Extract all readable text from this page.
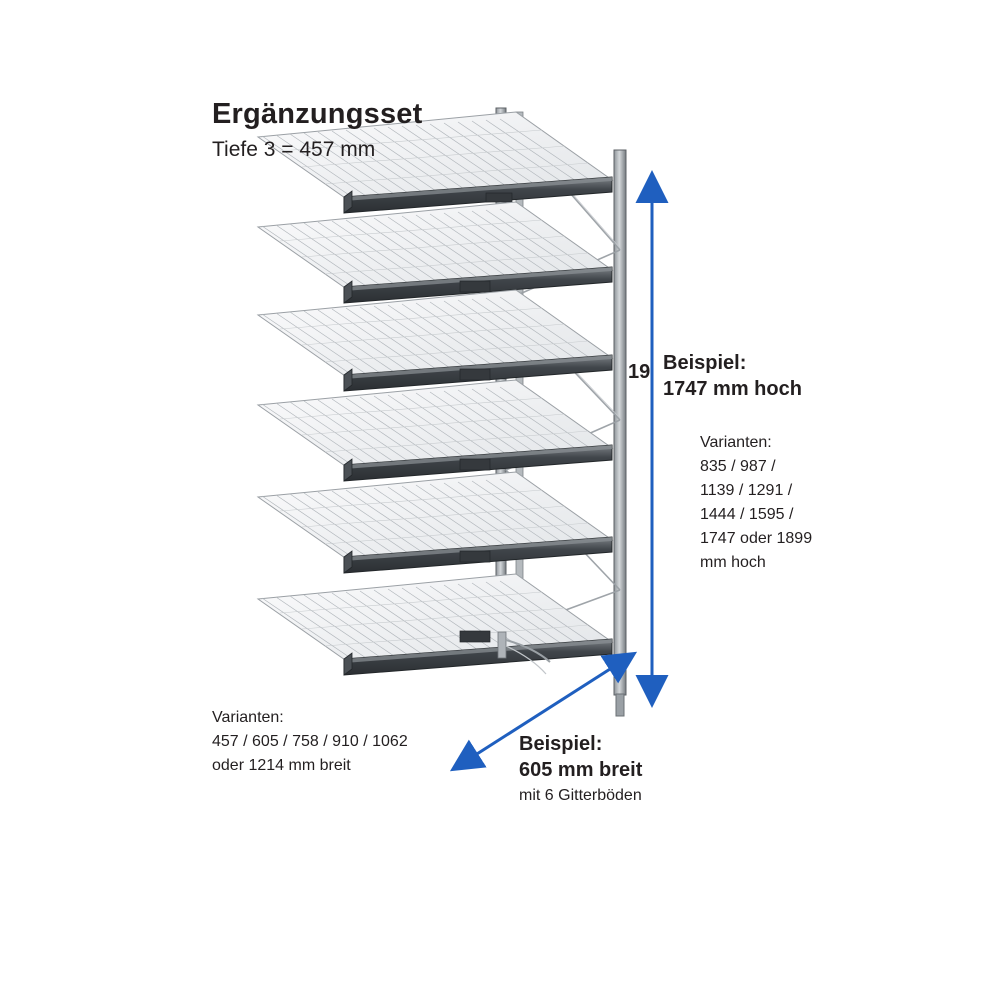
Ergänzungsset
Tiefe 3 = 457 mm
19 Beispiel:
1747 mm hoch
Varianten:
835 / 987 /
1139 / 1291 /
1444 / 1595 /
1747 oder 1899
mm hoch
Varianten:
457 / 605 / 758 / 910 / 1062
oder 1214 mm breit
Beispiel:
605 mm breit
mit 6 Gitterböden
